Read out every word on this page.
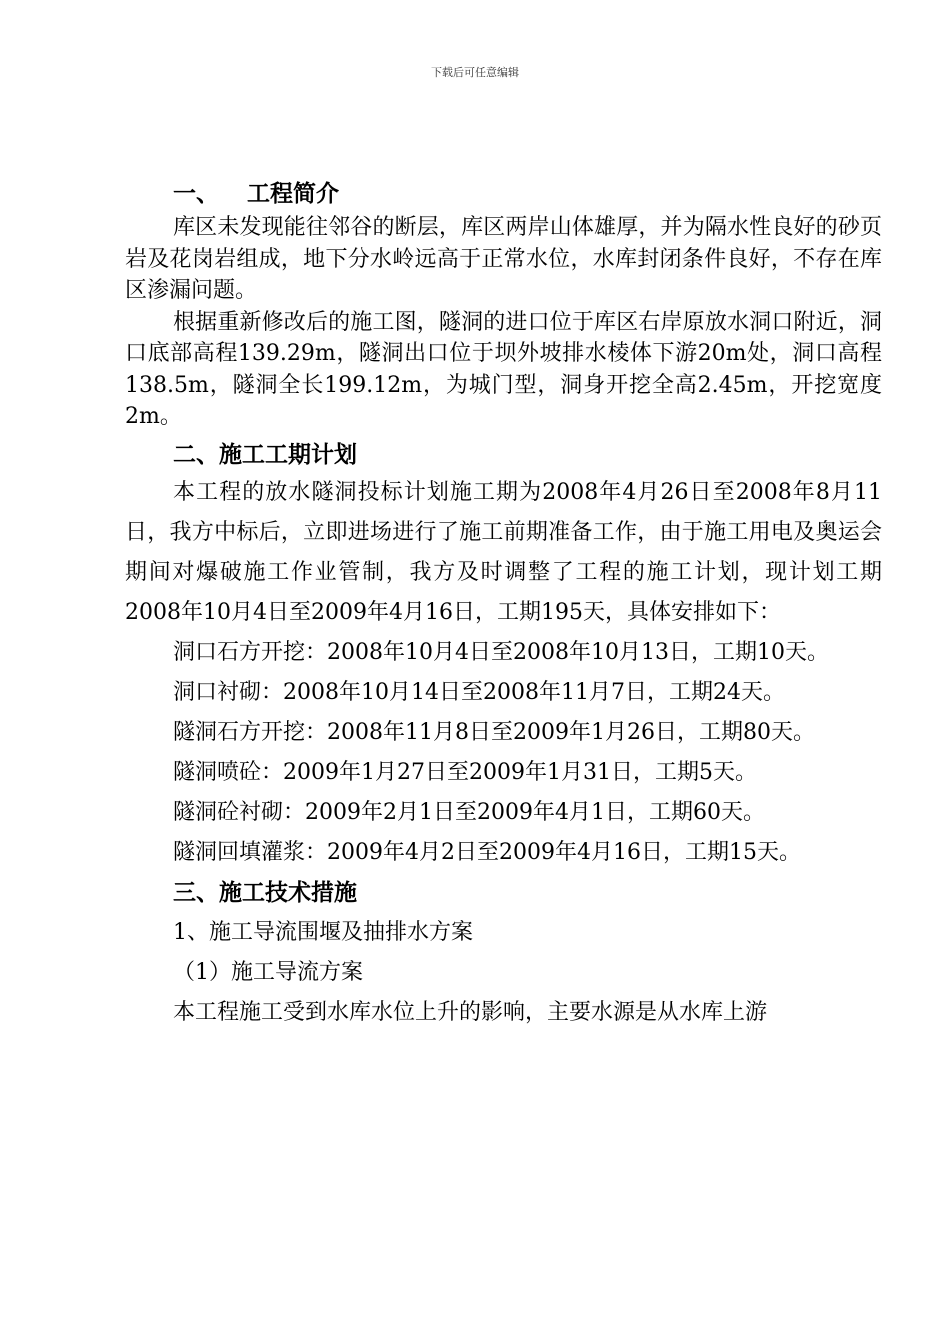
下载后可任意编辑
一、 工程简介
库区未发现能往邻谷的断层，库区两岸山体雄厚，并为隔水性良好的砂页岩及花岗岩组成，地下分水岭远高于正常水位，水库封闭条件良好，不存在库区渗漏问题。
根据重新修改后的施工图，隧洞的进口位于库区右岸原放水洞口附近，洞口底部高程139.29m，隧洞出口位于坝外坡排水棱体下游20m处，洞口高程138.5m，隧洞全长199.12m，为城门型，洞身开挖全高2.45m，开挖宽度2m。
二、施工工期计划
本工程的放水隧洞投标计划施工期为2008年4月26日至2008年8月11日，我方中标后，立即进场进行了施工前期准备工作，由于施工用电及奥运会期间对爆破施工作业管制，我方及时调整了工程的施工计划，现计划工期2008年10月4日至2009年4月16日，工期195天，具体安排如下：
洞口石方开挖：2008年10月4日至2008年10月13日，工期10天。
洞口衬砌：2008年10月14日至2008年11月7日，工期24天。
隧洞石方开挖：2008年11月8日至2009年1月26日，工期80天。
隧洞喷砼：2009年1月27日至2009年1月31日，工期5天。
隧洞砼衬砌：2009年2月1日至2009年4月1日，工期60天。
隧洞回填灌浆：2009年4月2日至2009年4月16日，工期15天。
三、施工技术措施
1、施工导流围堰及抽排水方案
（1）施工导流方案
本工程施工受到水库水位上升的影响，主要水源是从水库上游
